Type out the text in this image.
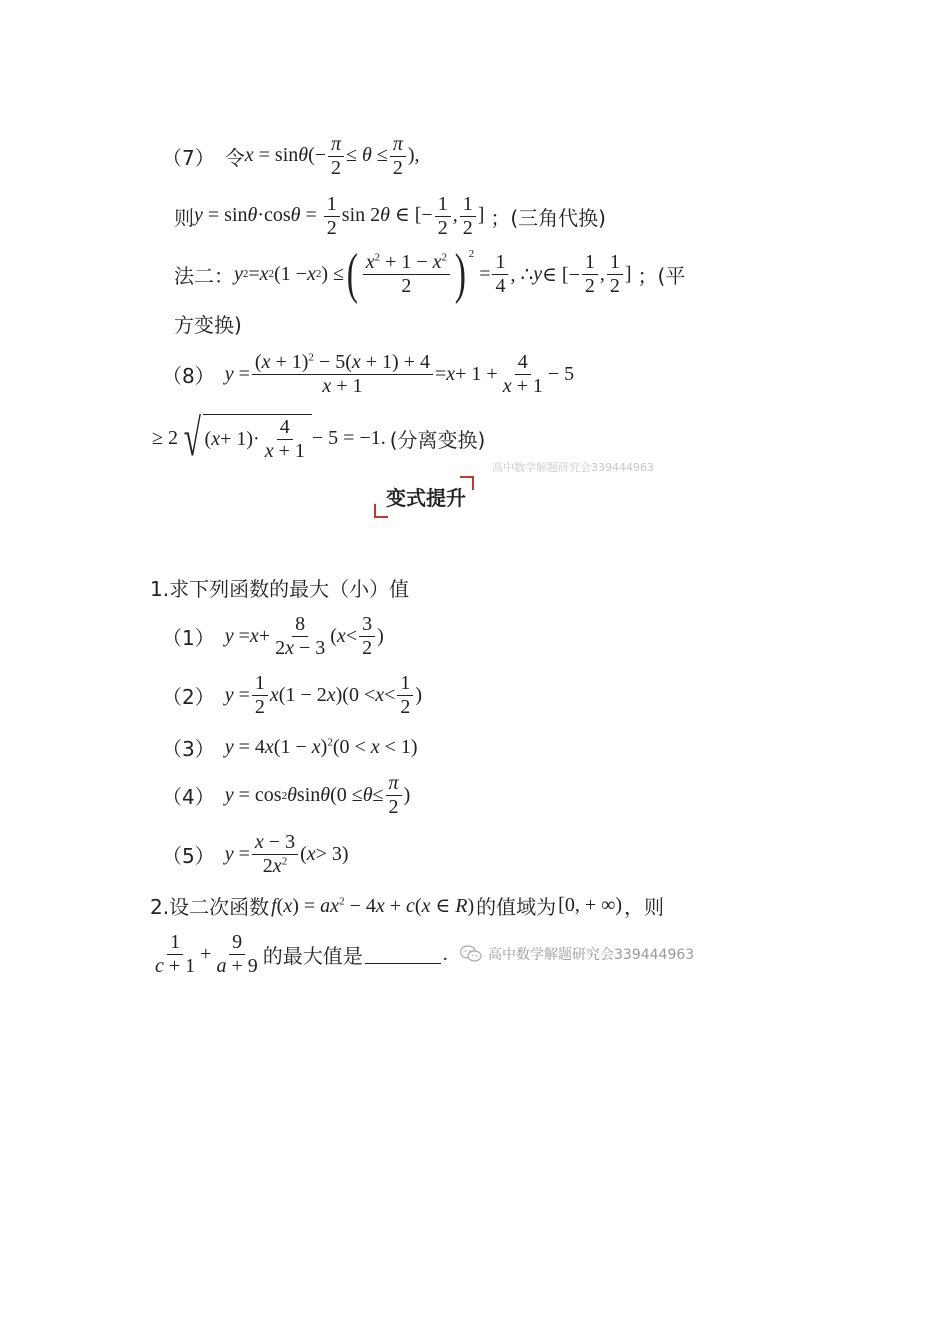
（7） 令 $x = \sin\theta(- \frac{\pi}{2} \le \theta \le \frac{\pi}{2}$ ),
则 $y = \sin\theta\cdot\cos\theta = \frac{1}{2}$ sin 2θ ∈ [− $\frac{1}{2}$ , $\frac{1}{2}$ ] ；(三角代换)
法二： y 2 = x 2 (1 − x 2 ) ≤ ( $\frac{x^2 + 1 - x^2}{2} )^2$
= $\frac{1}{4}$ , ∴ y ∈ [− $\frac{1}{2}$ , $\frac{1}{2}$ ] ；(平
方变换)
（8） $y = \frac{(x + 1)^2 - 5(x + 1) + 4}{x + 1} = x + 1 + \frac{4}{x + 1} - 5$
≥ 2 √ ( $x + 1)\cdot \frac{4}{x + 1} - 5 = -1$. (分离变换)
高中数学解题研究会339444963
变式提升
1.求下列函数的最大（小）值
（1） $y = x + \frac{8}{2x - 3}$ ( $x < \frac{3}{2}$ )
（2） $y = \frac{1}{2}$ x (1 − 2 x )($0 < x < \frac{1}{2}$ )
（3） $y = 4x(1 - x)^2(0 < x < 1)$
（4） y = cos 2 θ sin θ ($0 \le \theta \le \frac{\pi}{2}$ )
（5） $y = \frac{x - 3}{2x^2}$ ( x > 3)
2.设二次函数 $f(x) = ax^2 - 4x + c(x$ ∈ R) 的值域为 [0, + ∞) ，则
$\frac{1}{c + 1} + \frac{9}{a + 9}$ 的最大值是	.	高中数学解题研究会339444963
